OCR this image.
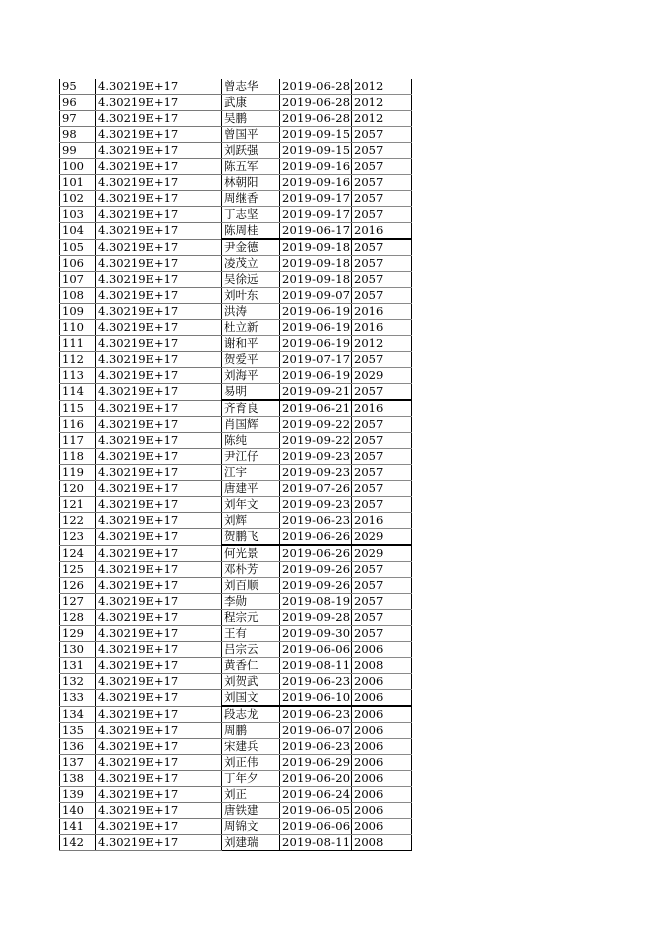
95	4.30219E+17	曾志华	2019-06-28	2012
96	4.30219E+17	武康	2019-06-28	2012
97	4.30219E+17	吴鹏	2019-06-28	2012
98	4.30219E+17	曾国平	2019-09-15	2057
99	4.30219E+17	刘跃强	2019-09-15	2057
100	4.30219E+17	陈五军	2019-09-16	2057
101	4.30219E+17	林朝阳	2019-09-16	2057
102	4.30219E+17	周继香	2019-09-17	2057
103	4.30219E+17	丁志坚	2019-09-17	2057
104	4.30219E+17	陈周桂	2019-06-17	2016
105	4.30219E+17	尹金德	2019-09-18	2057
106	4.30219E+17	凌茂立	2019-09-18	2057
107	4.30219E+17	吴徐远	2019-09-18	2057
108	4.30219E+17	刘叶东	2019-09-07	2057
109	4.30219E+17	洪涛	2019-06-19	2016
110	4.30219E+17	杜立新	2019-06-19	2016
111	4.30219E+17	谢和平	2019-06-19	2012
112	4.30219E+17	贺爱平	2019-07-17	2057
113	4.30219E+17	刘海平	2019-06-19	2029
114	4.30219E+17	易明	2019-09-21	2057
115	4.30219E+17	齐育良	2019-06-21	2016
116	4.30219E+17	肖国辉	2019-09-22	2057
117	4.30219E+17	陈纯	2019-09-22	2057
118	4.30219E+17	尹江仔	2019-09-23	2057
119	4.30219E+17	江宇	2019-09-23	2057
120	4.30219E+17	唐建平	2019-07-26	2057
121	4.30219E+17	刘年文	2019-09-23	2057
122	4.30219E+17	刘辉	2019-06-23	2016
123	4.30219E+17	贺鹏飞	2019-06-26	2029
124	4.30219E+17	何光景	2019-06-26	2029
125	4.30219E+17	邓朴芳	2019-09-26	2057
126	4.30219E+17	刘百顺	2019-09-26	2057
127	4.30219E+17	李勋	2019-08-19	2057
128	4.30219E+17	程宗元	2019-09-28	2057
129	4.30219E+17	王有	2019-09-30	2057
130	4.30219E+17	吕宗云	2019-06-06	2006
131	4.30219E+17	黄香仁	2019-08-11	2008
132	4.30219E+17	刘贺武	2019-06-23	2006
133	4.30219E+17	刘国文	2019-06-10	2006
134	4.30219E+17	段志龙	2019-06-23	2006
135	4.30219E+17	周鹏	2019-06-07	2006
136	4.30219E+17	宋建兵	2019-06-23	2006
137	4.30219E+17	刘正伟	2019-06-29	2006
138	4.30219E+17	丁年夕	2019-06-20	2006
139	4.30219E+17	刘正	2019-06-24	2006
140	4.30219E+17	唐铁建	2019-06-05	2006
141	4.30219E+17	周锦文	2019-06-06	2006
142	4.30219E+17	刘建瑞	2019-08-11	2008
